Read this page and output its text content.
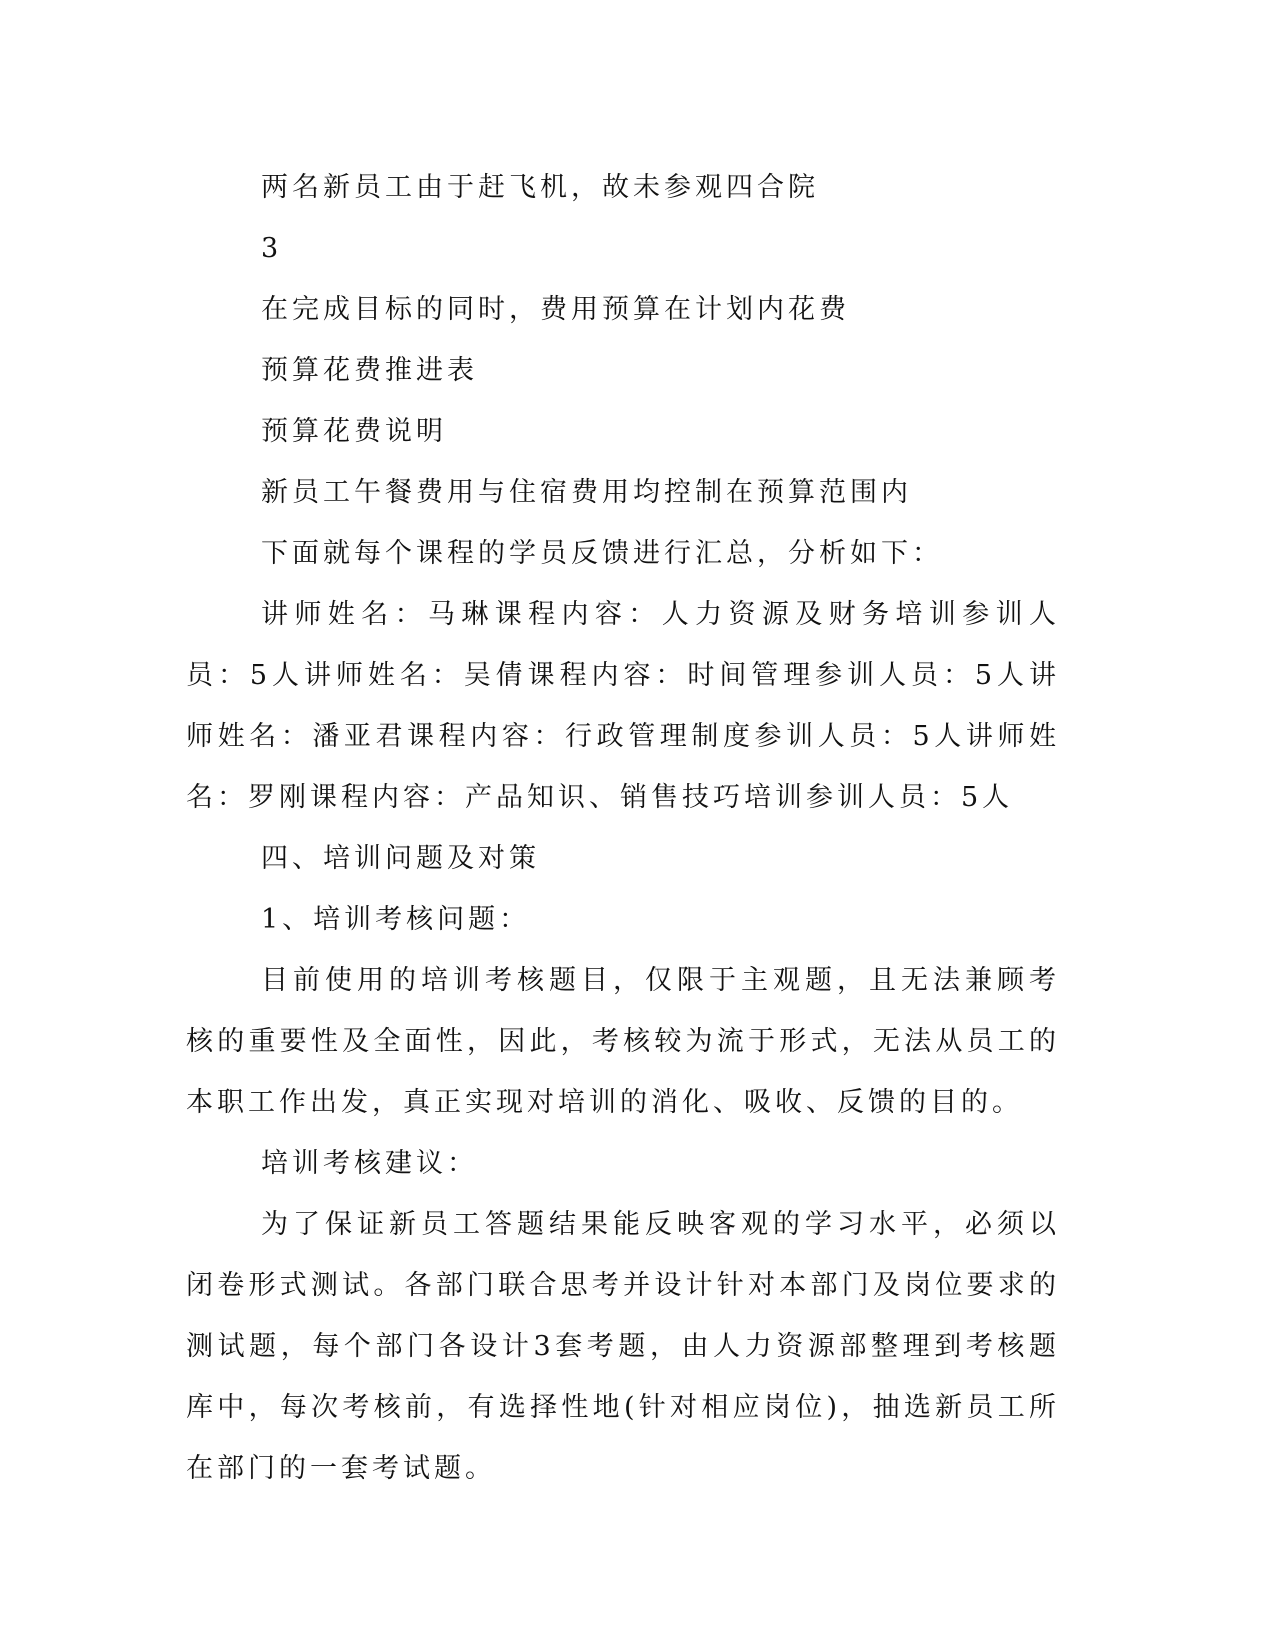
两名新员工由于赶飞机，故未参观四合院

3

在完成目标的同时，费用预算在计划内花费

预算花费推进表

预算花费说明

新员工午餐费用与住宿费用均控制在预算范围内

下面就每个课程的学员反馈进行汇总，分析如下：

讲师姓名：马琳课程内容：人力资源及财务培训参训人员：5人讲师姓名：吴倩课程内容：时间管理参训人员：5人讲师姓名：潘亚君课程内容：行政管理制度参训人员：5人讲师姓名：罗刚课程内容：产品知识、销售技巧培训参训人员：5人

四、培训问题及对策

1、培训考核问题：

目前使用的培训考核题目，仅限于主观题，且无法兼顾考核的重要性及全面性，因此，考核较为流于形式，无法从员工的本职工作出发，真正实现对培训的消化、吸收、反馈的目的。

培训考核建议：

为了保证新员工答题结果能反映客观的学习水平，必须以闭卷形式测试。各部门联合思考并设计针对本部门及岗位要求的测试题，每个部门各设计3套考题，由人力资源部整理到考核题库中，每次考核前，有选择性地(针对相应岗位)，抽选新员工所在部门的一套考试题。
